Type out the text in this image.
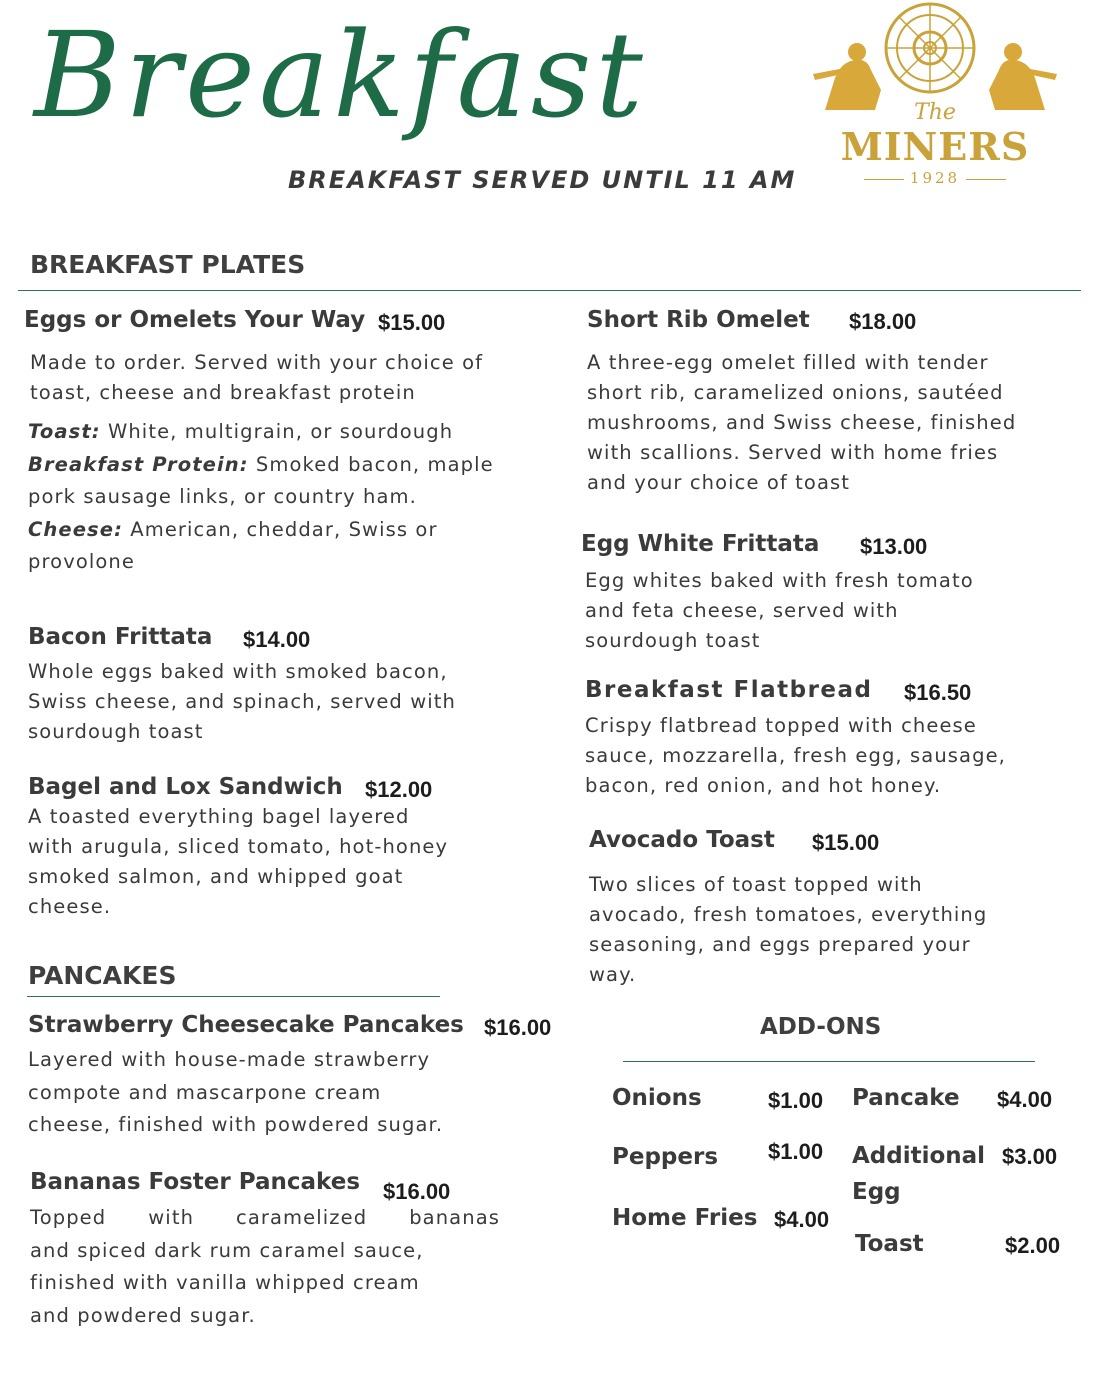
Breakfast
BREAKFAST SERVED UNTIL 11 AM
The
MINERS
1928
BREAKFAST PLATES
Eggs or Omelets Your Way $15.00
Made to order. Served with your choice of
toast, cheese and breakfast protein
Toast: White, multigrain, or sourdough
Breakfast Protein: Smoked bacon, maple
pork sausage links, or country ham.
Cheese: American, cheddar, Swiss or
provolone
Bacon Frittata $14.00
Whole eggs baked with smoked bacon,
Swiss cheese, and spinach, served with
sourdough toast
Bagel and Lox Sandwich $12.00
A toasted everything bagel layered
with arugula, sliced tomato, hot-honey
smoked salmon, and whipped goat
cheese.
PANCAKES
Strawberry Cheesecake Pancakes $16.00
Layered with house-made strawberry
compote and mascarpone cream
cheese, finished with powdered sugar.
Bananas Foster Pancakes $16.00
Topped with caramelized bananas
and spiced dark rum caramel sauce,
finished with vanilla whipped cream
and powdered sugar.
Short Rib Omelet $18.00
A three-egg omelet filled with tender
short rib, caramelized onions, sautéed
mushrooms, and Swiss cheese, finished
with scallions. Served with home fries
and your choice of toast
Egg White Frittata $13.00
Egg whites baked with fresh tomato
and feta cheese, served with
sourdough toast
Breakfast Flatbread $16.50
Crispy flatbread topped with cheese
sauce, mozzarella, fresh egg, sausage,
bacon, red onion, and hot honey.
Avocado Toast $15.00
Two slices of toast topped with
avocado, fresh tomatoes, everything
seasoning, and eggs prepared your
way.
ADD-ONS
Onions	$1.00
Peppers $1.00
Home Fries $4.00
Pancake $4.00
Additional
Egg
$3.00
Toast	$2.00
